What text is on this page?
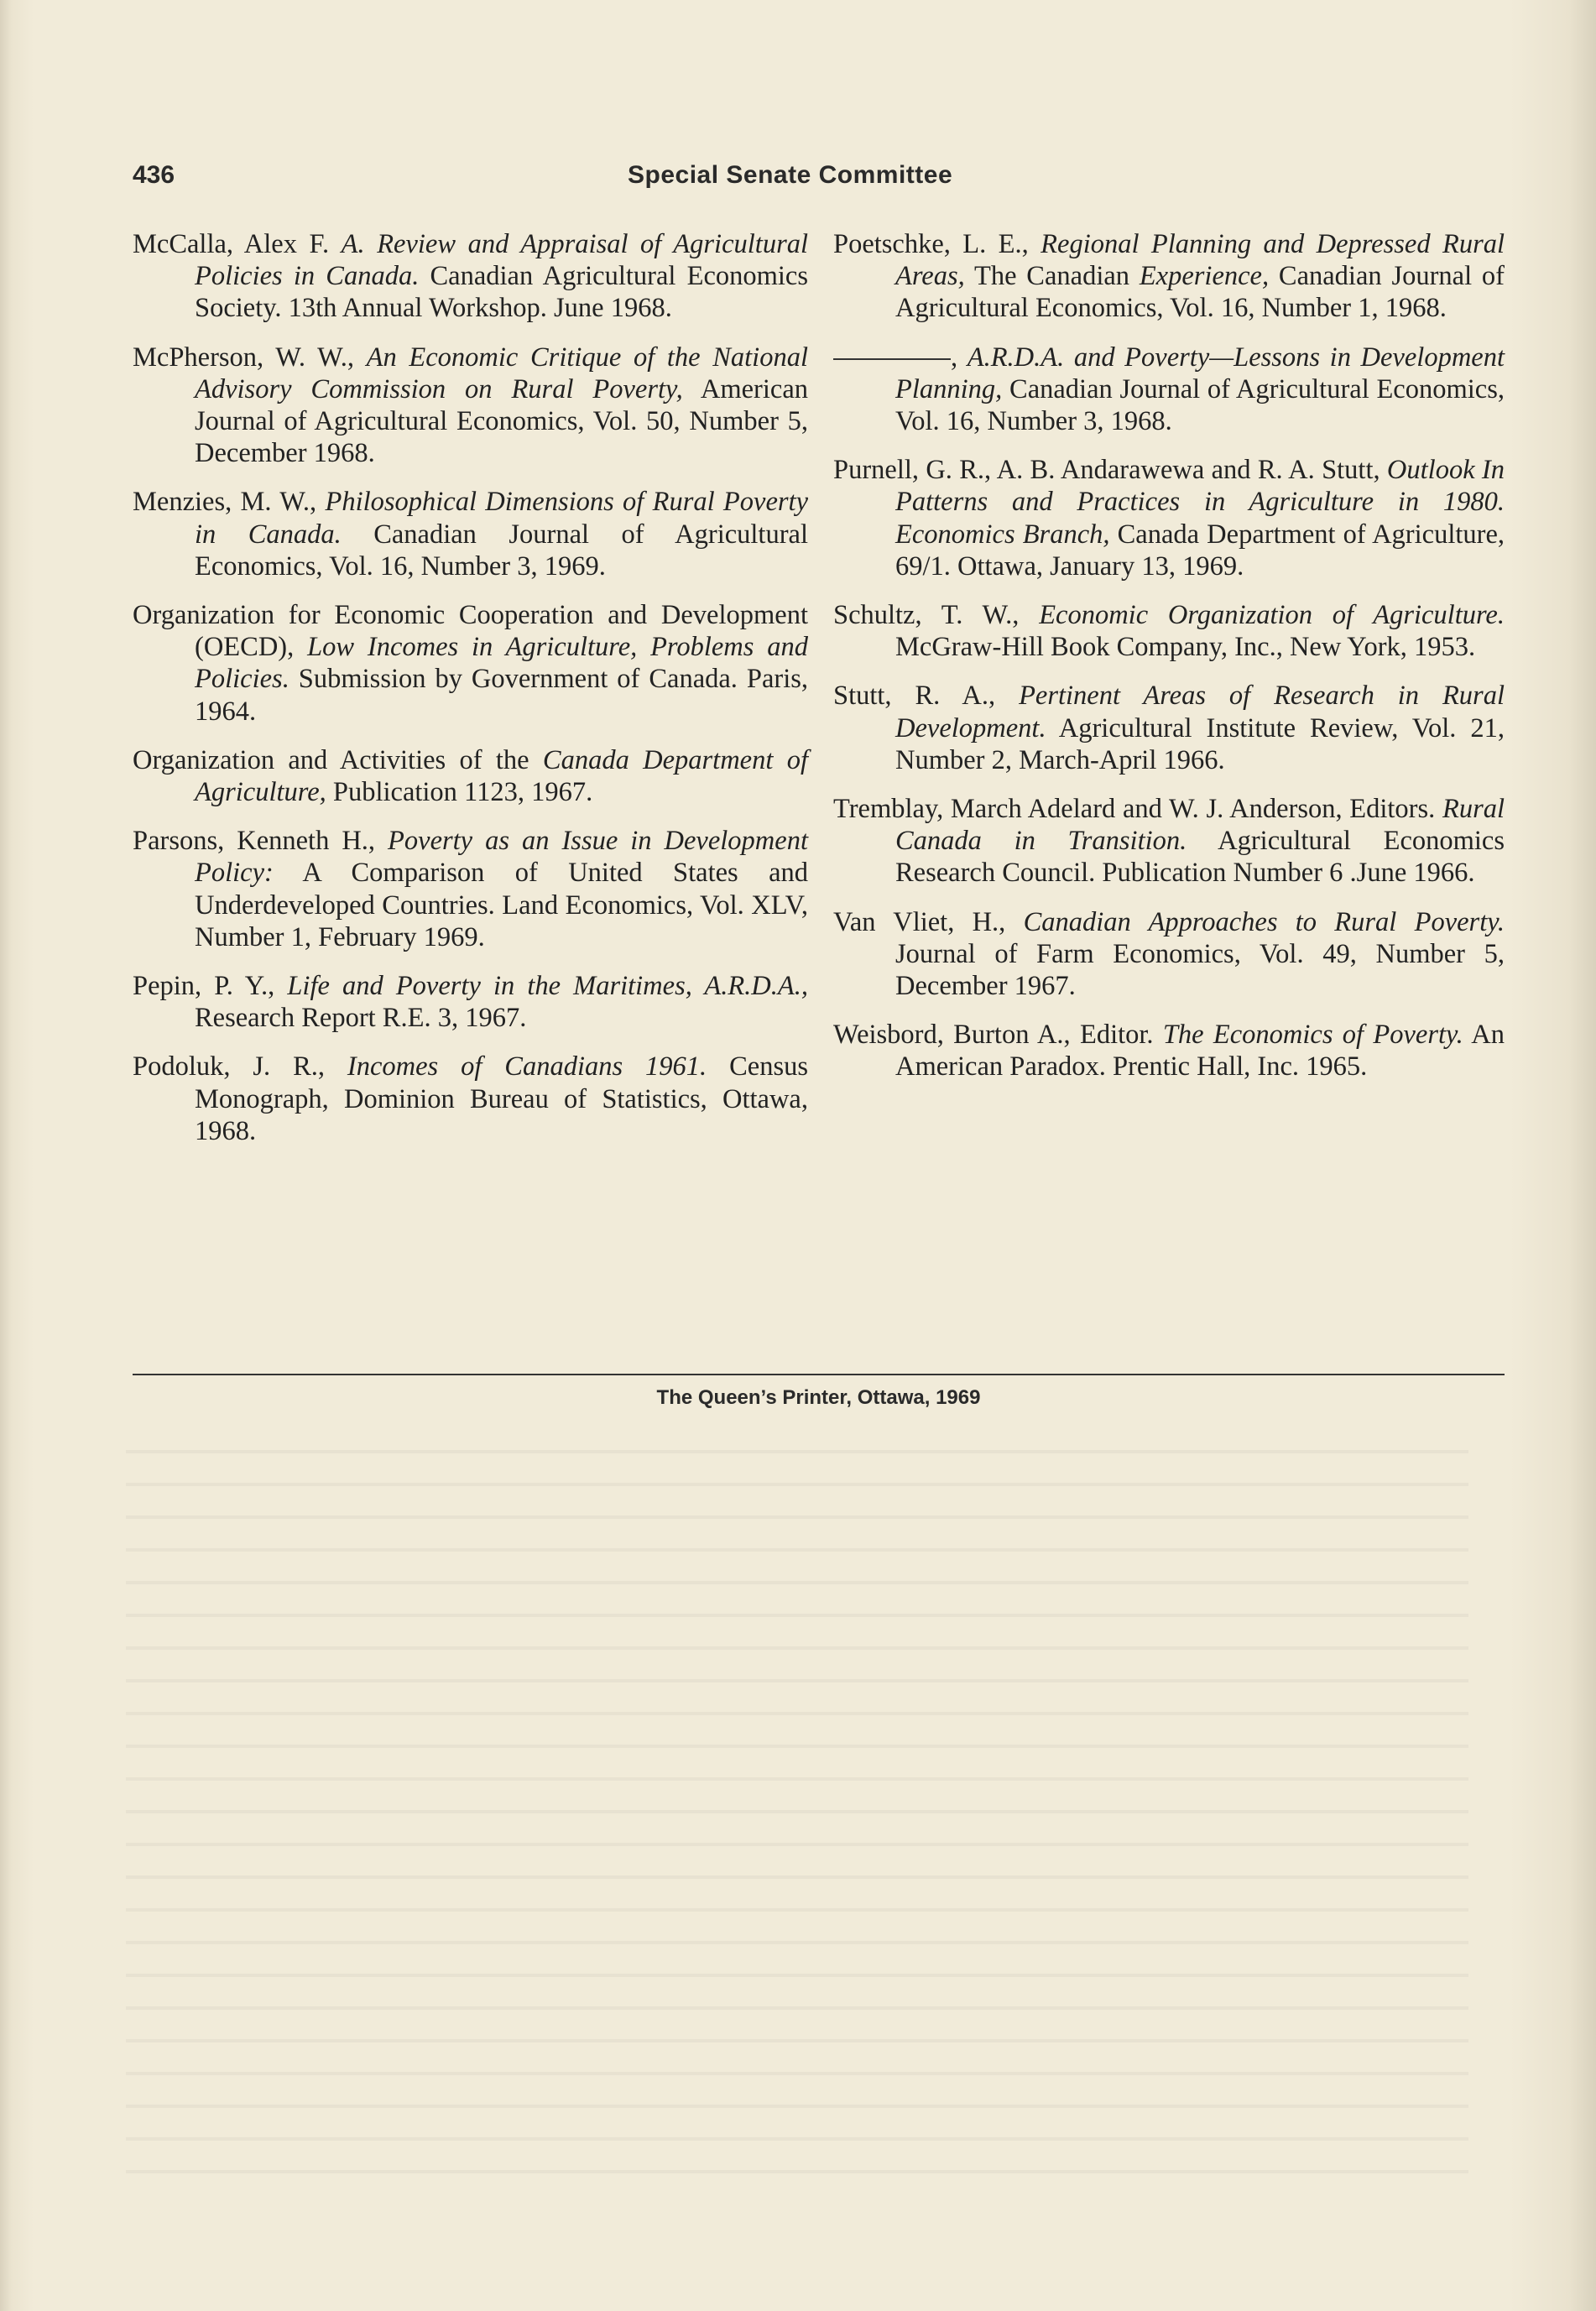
436	Special Senate Committee

McCalla, Alex F. A. Review and Appraisal of Agricultural Policies in Canada. Canadian Agricultural Economics Society. 13th Annual Workshop. June 1968.

McPherson, W. W., An Economic Critique of the National Advisory Commission on Rural Poverty, American Journal of Agricultural Economics, Vol. 50, Number 5, December 1968.

Menzies, M. W., Philosophical Dimensions of Rural Poverty in Canada. Canadian Journal of Agricultural Economics, Vol. 16, Number 3, 1969.

Organization for Economic Cooperation and Development (OECD), Low Incomes in Agriculture, Problems and Policies. Submission by Government of Canada. Paris, 1964.

Organization and Activities of the Canada Department of Agriculture, Publication 1123, 1967.

Parsons, Kenneth H., Poverty as an Issue in Development Policy: A Comparison of United States and Underdeveloped Countries. Land Economics, Vol. XLV, Number 1, February 1969.

Pepin, P. Y., Life and Poverty in the Maritimes, A.R.D.A., Research Report R.E. 3, 1967.

Podoluk, J. R., Incomes of Canadians 1961. Census Monograph, Dominion Bureau of Statistics, Ottawa, 1968.

Poetschke, L. E., Regional Planning and Depressed Rural Areas, The Canadian Experience, Canadian Journal of Agricultural Economics, Vol. 16, Number 1, 1968.

, A.R.D.A. and Poverty—Lessons in Development Planning, Canadian Journal of Agricultural Economics, Vol. 16, Number 3, 1968.

Purnell, G. R., A. B. Andarawewa and R. A. Stutt, Outlook In Patterns and Practices in Agriculture in 1980. Economics Branch, Canada Department of Agriculture, 69/1. Ottawa, January 13, 1969.

Schultz, T. W., Economic Organization of Agriculture. McGraw-Hill Book Company, Inc., New York, 1953.

Stutt, R. A., Pertinent Areas of Research in Rural Development. Agricultural Institute Review, Vol. 21, Number 2, March-April 1966.

Tremblay, March Adelard and W. J. Anderson, Editors. Rural Canada in Transition. Agricultural Economics Research Council. Publication Number 6 .June 1966.

Van Vliet, H., Canadian Approaches to Rural Poverty. Journal of Farm Economics, Vol. 49, Number 5, December 1967.

Weisbord, Burton A., Editor. The Economics of Poverty. An American Paradox. Prentic Hall, Inc. 1965.

The Queen’s Printer, Ottawa, 1969
